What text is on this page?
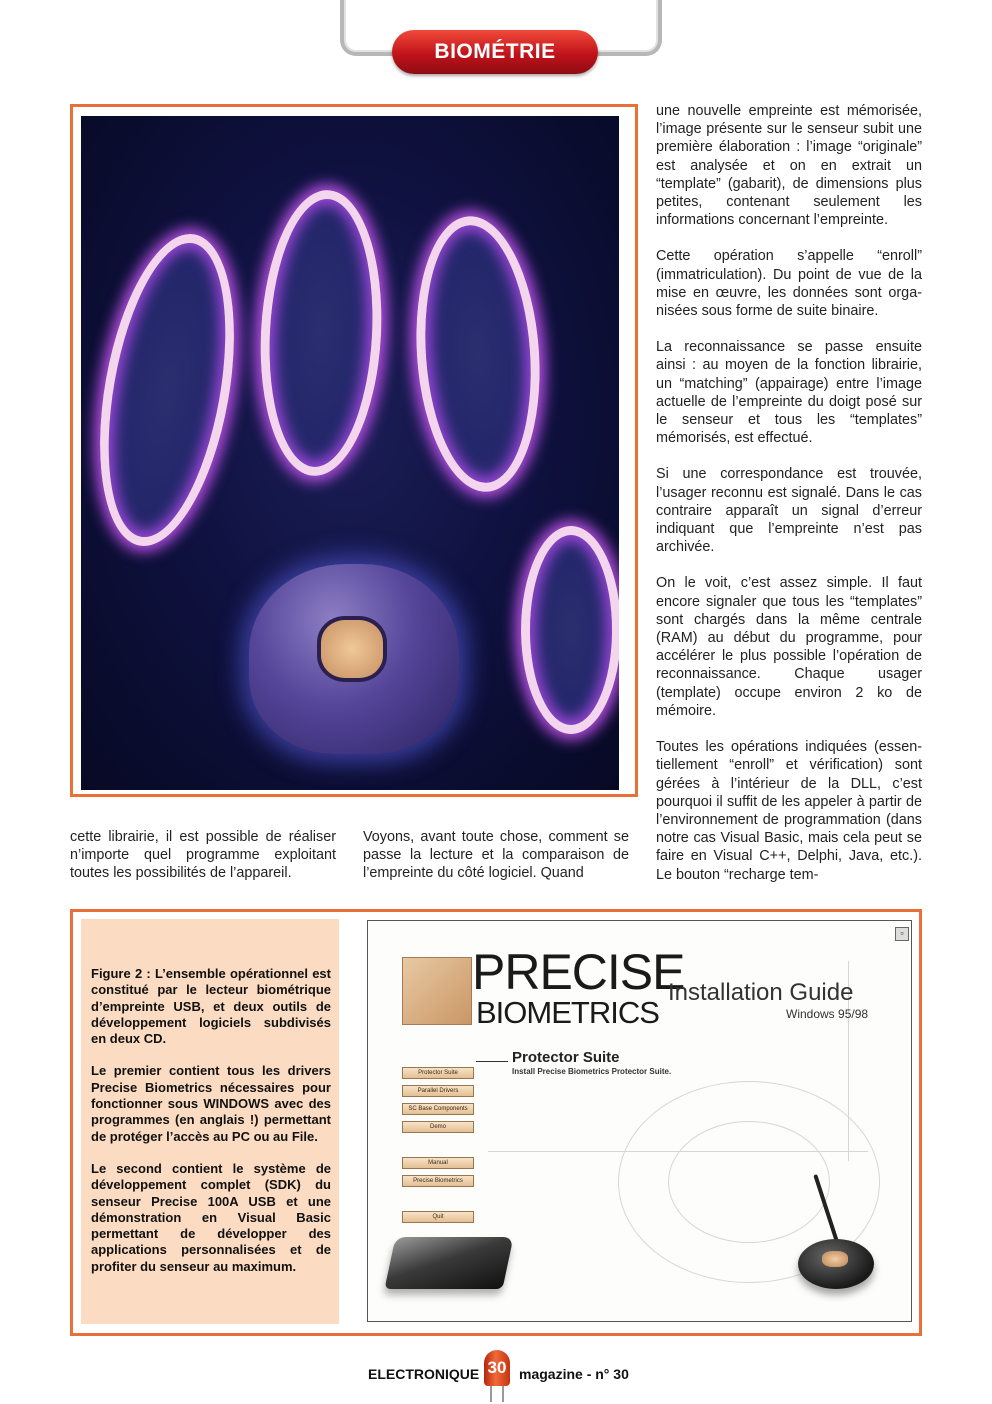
BIOMÉTRIE

une nouvelle empreinte est mémorisée, l’image présente sur le senseur subit une première élaboration : l’image “originale” est analysée et on en extrait un “template” (gabarit), de dimensions plus petites, contenant seulement les informations concernant l’empreinte.

Cette opération s’appelle “enroll” (immatriculation). Du point de vue de la mise en œuvre, les données sont organisées sous forme de suite binaire.

La reconnaissance se passe ensuite ainsi : au moyen de la fonction librairie, un “matching” (appairage) entre l’image actuelle de l’empreinte du doigt posé sur le senseur et tous les “templates” mémorisés, est effectué.

Si une correspondance est trouvée, l’usager reconnu est signalé. Dans le cas contraire apparaît un signal d’erreur indiquant que l’empreinte n’est pas archivée.

On le voit, c’est assez simple. Il faut encore signaler que tous les “templates” sont chargés dans la même centrale (RAM) au début du programme, pour accélérer le plus possible l’opération de reconnaissance. Chaque usager (template) occupe environ 2 ko de mémoire.

Toutes les opérations indiquées (essentiellement “enroll” et vérification) sont gérées à l’intérieur de la DLL, c’est pourquoi il suffit de les appeler à partir de l’environnement de programmation (dans notre cas Visual Basic, mais cela peut se faire en Visual C++, Delphi, Java, etc.). Le bouton “recharge tem-

cette librairie, il est possible de réaliser n’importe quel programme exploitant toutes les possibilités de l’appareil.
Voyons, avant toute chose, comment se passe la lecture et la comparaison de l’empreinte du côté logiciel. Quand

Figure 2 : L’ensemble opérationnel est constitué par le lecteur biométrique d’empreinte USB, et deux outils de développement logiciels subdivisés en deux CD.

Le premier contient tous les drivers Precise Biometrics nécessaires pour fonctionner sous WINDOWS avec des programmes (en anglais !) permettant de protéger l’accès au PC ou au File.

Le second contient le système de développement complet (SDK) du senseur Precise 100A USB et une démonstration en Visual Basic permettant de développer des applications personnalisées et de profiter du senseur au maximum.

▫
PRECISE
BIOMETRICS
Installation Guide
Windows 95/98
Protector Suite
Parallel Drivers
SC Base Components
Demo
Manual
Precise Biometrics
Quit
Protector Suite
Install Precise Biometrics Protector Suite.
ELECTRONIQUE 30 magazine - n° 30
